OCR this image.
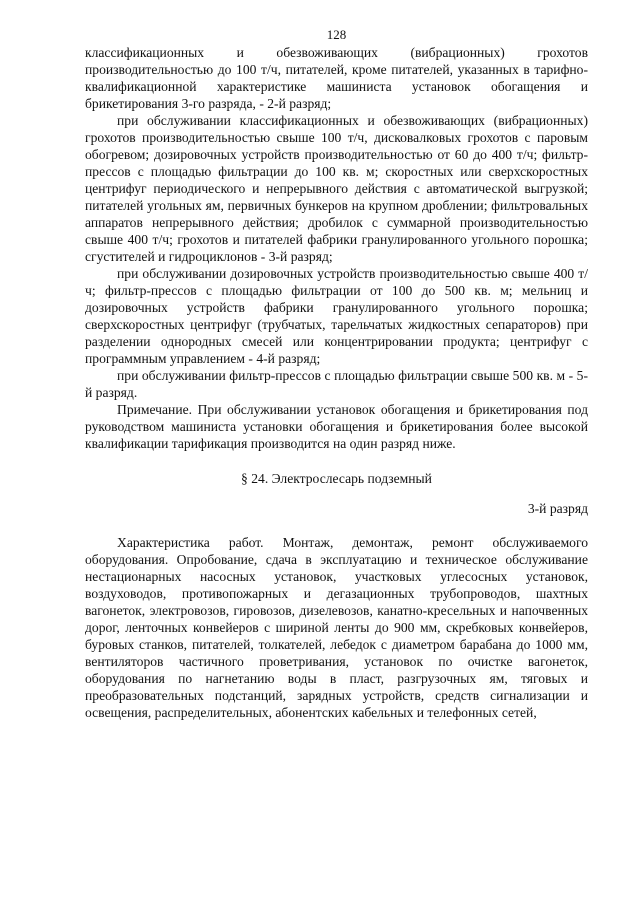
128

классификационных и обезвоживающих (вибрационных) грохотов производительностью до 100 т/ч, питателей, кроме питателей, указанных в тарифно-квалификационной характеристике машиниста установок обогащения и брикетирования 3-го разряда, - 2-й разряд;

при обслуживании классификационных и обезвоживающих (вибрационных) грохотов производительностью свыше 100 т/ч, дисковалковых грохотов с паровым обогревом; дозировочных устройств производительностью от 60 до 400 т/ч; фильтр-прессов с площадью фильтрации до 100 кв. м; скоростных или сверхскоростных центрифуг периодического и непрерывного действия с автоматической выгрузкой; питателей угольных ям, первичных бункеров на крупном дроблении; фильтровальных аппаратов непрерывного действия; дробилок с суммарной производительностью свыше 400 т/ч; грохотов и питателей фабрики гранулированного угольного порошка; сгустителей и гидроциклонов - 3-й разряд;

при обслуживании дозировочных устройств производительностью свыше 400 т/ч; фильтр-прессов с площадью фильтрации от 100 до 500 кв. м; мельниц и дозировочных устройств фабрики гранулированного угольного порошка; сверхскоростных центрифуг (трубчатых, тарельчатых жидкостных сепараторов) при разделении однородных смесей или концентрировании продукта; центрифуг с программным управлением - 4-й разряд;

при обслуживании фильтр-прессов с площадью фильтрации свыше 500 кв. м - 5-й разряд.

Примечание. При обслуживании установок обогащения и брикетирования под руководством машиниста установки обогащения и брикетирования более высокой квалификации тарификация производится на один разряд ниже.

§ 24. Электрослесарь подземный

3-й разряд

Характеристика работ. Монтаж, демонтаж, ремонт обслуживаемого оборудования. Опробование, сдача в эксплуатацию и техническое обслуживание нестационарных насосных установок, участковых углесосных установок, воздуховодов, противопожарных и дегазационных трубопроводов, шахтных вагонеток, электровозов, гировозов, дизелевозов, канатно-кресельных и напочвенных дорог, ленточных конвейеров с шириной ленты до 900 мм, скребковых конвейеров, буровых станков, питателей, толкателей, лебедок с диаметром барабана до 1000 мм, вентиляторов частичного проветривания, установок по очистке вагонеток, оборудования по нагнетанию воды в пласт, разгрузочных ям, тяговых и преобразовательных подстанций, зарядных устройств, средств сигнализации и освещения, распределительных, абонентских кабельных и телефонных сетей,
